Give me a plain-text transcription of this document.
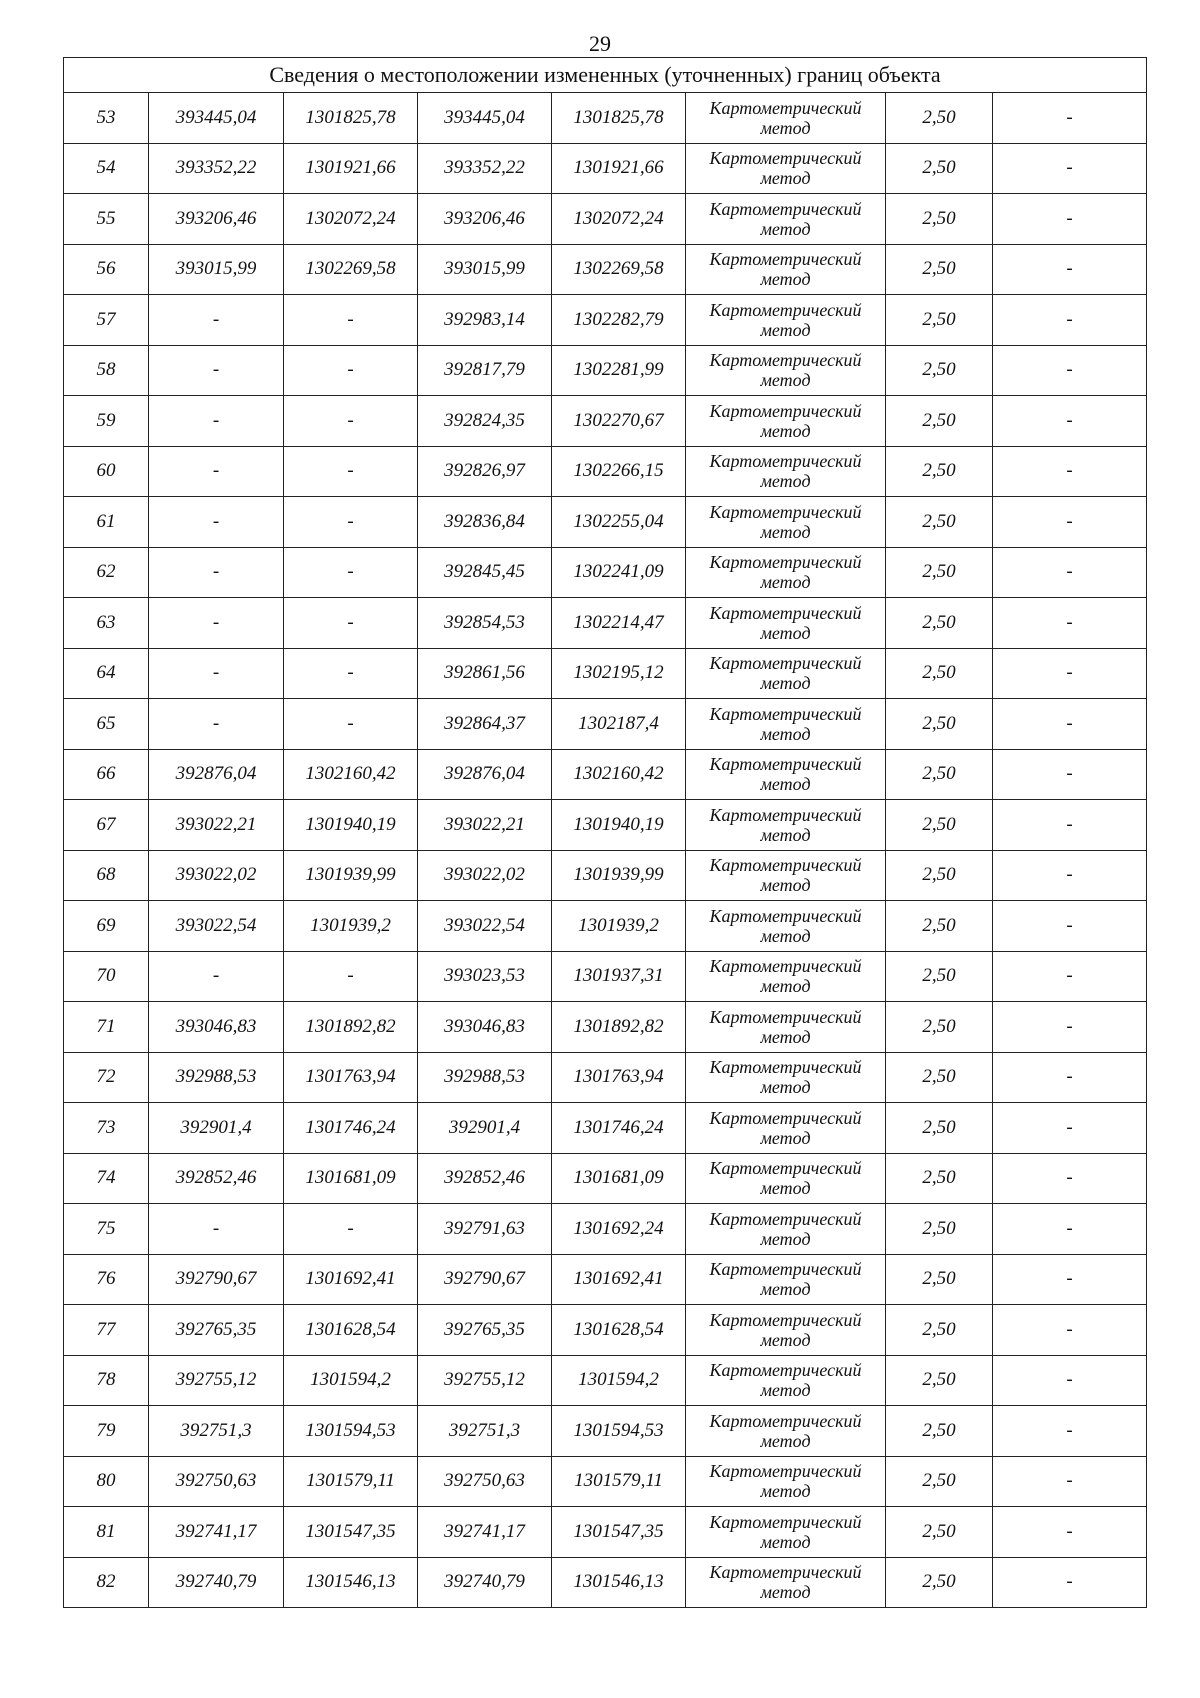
29
Сведения о местоположении измененных (уточненных) границ объекта							
53	393445,04	1301825,78	393445,04	1301825,78	Картометрический метод	2,50	-
54	393352,22	1301921,66	393352,22	1301921,66	Картометрический метод	2,50	-
55	393206,46	1302072,24	393206,46	1302072,24	Картометрический метод	2,50	-
56	393015,99	1302269,58	393015,99	1302269,58	Картометрический метод	2,50	-
57	-	-	392983,14	1302282,79	Картометрический метод	2,50	-
58	-	-	392817,79	1302281,99	Картометрический метод	2,50	-
59	-	-	392824,35	1302270,67	Картометрический метод	2,50	-
60	-	-	392826,97	1302266,15	Картометрический метод	2,50	-
61	-	-	392836,84	1302255,04	Картометрический метод	2,50	-
62	-	-	392845,45	1302241,09	Картометрический метод	2,50	-
63	-	-	392854,53	1302214,47	Картометрический метод	2,50	-
64	-	-	392861,56	1302195,12	Картометрический метод	2,50	-
65	-	-	392864,37	1302187,4	Картометрический метод	2,50	-
66	392876,04	1302160,42	392876,04	1302160,42	Картометрический метод	2,50	-
67	393022,21	1301940,19	393022,21	1301940,19	Картометрический метод	2,50	-
68	393022,02	1301939,99	393022,02	1301939,99	Картометрический метод	2,50	-
69	393022,54	1301939,2	393022,54	1301939,2	Картометрический метод	2,50	-
70	-	-	393023,53	1301937,31	Картометрический метод	2,50	-
71	393046,83	1301892,82	393046,83	1301892,82	Картометрический метод	2,50	-
72	392988,53	1301763,94	392988,53	1301763,94	Картометрический метод	2,50	-
73	392901,4	1301746,24	392901,4	1301746,24	Картометрический метод	2,50	-
74	392852,46	1301681,09	392852,46	1301681,09	Картометрический метод	2,50	-
75	-	-	392791,63	1301692,24	Картометрический метод	2,50	-
76	392790,67	1301692,41	392790,67	1301692,41	Картометрический метод	2,50	-
77	392765,35	1301628,54	392765,35	1301628,54	Картометрический метод	2,50	-
78	392755,12	1301594,2	392755,12	1301594,2	Картометрический метод	2,50	-
79	392751,3	1301594,53	392751,3	1301594,53	Картометрический метод	2,50	-
80	392750,63	1301579,11	392750,63	1301579,11	Картометрический метод	2,50	-
81	392741,17	1301547,35	392741,17	1301547,35	Картометрический метод	2,50	-
82	392740,79	1301546,13	392740,79	1301546,13	Картометрический метод	2,50	-
